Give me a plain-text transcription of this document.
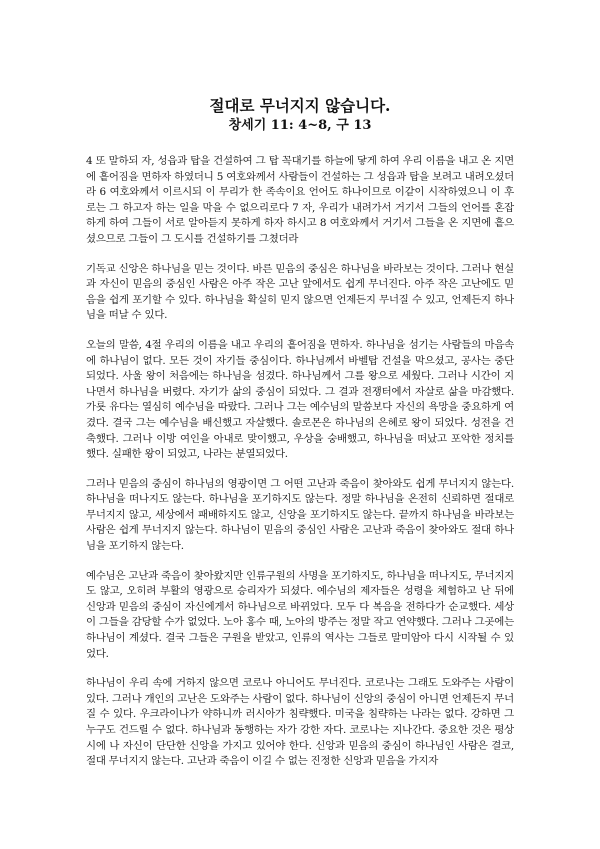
절대로 무너지지 않습니다.
창세기 11: 4~8, 구 13

4 또 말하되 자, 성읍과 탑을 건설하여 그 탑 꼭대기를 하늘에 닿게 하여 우리 이름을 내고 온 지면에 흩어짐을 면하자 하였더니 5 여호와께서 사람들이 건설하는 그 성읍과 탑을 보려고 내려오셨더라 6 여호와께서 이르시되 이 무리가 한 족속이요 언어도 하나이므로 이같이 시작하였으니 이 후로는 그 하고자 하는 일을 막을 수 없으리로다 7 자, 우리가 내려가서 거기서 그들의 언어를 혼잡하게 하여 그들이 서로 알아듣지 못하게 하자 하시고 8 여호와께서 거기서 그들을 온 지면에 흩으셨으므로 그들이 그 도시를 건설하기를 그쳤더라

기독교 신앙은 하나님을 믿는 것이다. 바른 믿음의 중심은 하나님을 바라보는 것이다. 그러나 현실과 자신이 믿음의 중심인 사람은 아주 작은 고난 앞에서도 쉽게 무너진다. 아주 작은 고난에도 믿음을 쉽게 포기할 수 있다. 하나님을 확실히 믿지 않으면 언제든지 무너질 수 있고, 언제든지 하나님을 떠날 수 있다.

오늘의 말씀, 4절 우리의 이름을 내고 우리의 흩어짐을 면하자. 하나님을 섬기는 사람들의 마음속에 하나님이 없다. 모든 것이 자기들 중심이다. 하나님께서 바벨탑 건설을 막으셨고, 공사는 중단되었다. 사울 왕이 처음에는 하나님을 섬겼다. 하나님께서 그를 왕으로 세웠다. 그러나 시간이 지나면서 하나님을 버렸다. 자기가 삶의 중심이 되었다. 그 결과 전쟁터에서 자살로 삶을 마감했다. 가룟 유다는 열심히 예수님을 따랐다. 그러나 그는 예수님의 말씀보다 자신의 욕망을 중요하게 여겼다. 결국 그는 예수님을 배신했고 자살했다. 솔로몬은 하나님의 은혜로 왕이 되었다. 성전을 건축했다. 그러나 이방 여인을 아내로 맞이했고, 우상을 숭배했고, 하나님을 떠났고 포악한 정치를 했다. 실패한 왕이 되었고, 나라는 분열되었다.

그러나 믿음의 중심이 하나님의 영광이면 그 어떤 고난과 죽음이 찾아와도 쉽게 무너지지 않는다. 하나님을 떠나지도 않는다. 하나님을 포기하지도 않는다. 정말 하나님을 온전히 신뢰하면 절대로 무너지지 않고, 세상에서 패배하지도 않고, 신앙을 포기하지도 않는다. 끝까지 하나님을 바라보는 사람은 쉽게 무너지지 않는다. 하나님이 믿음의 중심인 사람은 고난과 죽음이 찾아와도 절대 하나님을 포기하지 않는다.

예수님은 고난과 죽음이 찾아왔지만 인류구원의 사명을 포기하지도, 하나님을 떠나지도, 무너지지도 않고, 오히려 부활의 영광으로 승리자가 되셨다. 예수님의 제자들은 성령을 체험하고 난 뒤에 신앙과 믿음의 중심이 자신에게서 하나님으로 바뀌었다. 모두 다 복음을 전하다가 순교했다. 세상이 그들을 감당할 수가 없었다. 노아 홍수 때, 노아의 방주는 정말 작고 연약했다. 그러나 그곳에는 하나님이 계셨다. 결국 그들은 구원을 받았고, 인류의 역사는 그들로 말미암아 다시 시작될 수 있었다.

하나님이 우리 속에 거하지 않으면 코로나 아니어도 무너진다. 코로나는 그래도 도와주는 사람이 있다. 그러나 개인의 고난은 도와주는 사람이 없다. 하나님이 신앙의 중심이 아니면 언제든지 무너질 수 있다. 우크라이나가 약하니까 러시아가 침략했다. 미국을 침략하는 나라는 없다. 강하면 그 누구도 건드릴 수 없다. 하나님과 동행하는 자가 강한 자다. 코로나는 지나간다. 중요한 것은 평상시에 나 자신이 단단한 신앙을 가지고 있어야 한다. 신앙과 믿음의 중심이 하나님인 사람은 결코, 절대 무너지지 않는다. 고난과 죽음이 이길 수 없는 진정한 신앙과 믿음을 가지자
